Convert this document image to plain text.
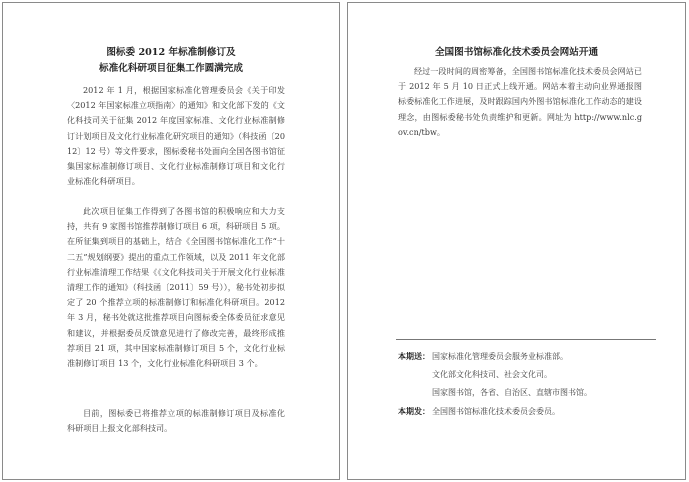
图标委 2012 年标准制修订及

标准化科研项目征集工作圆满完成

2012 年 1 月，根据国家标准化管理委员会《关于印发〈2012 年国家标准立项指南〉的通知》和文化部下发的《文化科技司关于征集 2012 年度国家标准、文化行业标准制修订计划项目及文化行业标准化研究项目的通知》（科技函〔2012〕12 号）等文件要求，图标委秘书处面向全国各图书馆征集国家标准制修订项目、文化行业标准制修订项目和文化行业标准化科研项目。

此次项目征集工作得到了各图书馆的积极响应和大力支持，共有 9 家图书馆推荐制修订项目 6 项，科研项目 5 项。在所征集到项目的基础上，结合《全国图书馆标准化工作“十二五”规划纲要》提出的重点工作领域，以及 2011 年文化部行业标准清理工作结果《《文化科技司关于开展文化行业标准清理工作的通知》（科技函〔2011〕59 号）），秘书处初步拟定了 20 个推荐立项的标准制修订和标准化科研项目。2012 年 3 月，秘书处就这批推荐项目向图标委全体委员征求意见和建议，并根据委员反馈意见进行了修改完善，最终形成推荐项目 21 项，其中国家标准制修订项目 5 个，文化行业标准制修订项目 13 个，文化行业标准化科研项目 3 个。

目前，图标委已将推荐立项的标准制修订项目及标准化科研项目上报文化部科技司。

全国图书馆标准化技术委员会网站开通

经过一段时间的周密筹备，全国图书馆标准化技术委员会网站已于 2012 年 5 月 10 日正式上线开通。网站本着主动向业界通报图标委标准化工作进展，及时跟踪国内外图书馆标准化工作动态的建设理念，由图标委秘书处负责维护和更新。网址为 http://www.nlc.gov.cn/tbw。

本期送： 国家标准化管理委员会服务业标准部。
文化部文化科技司、社会文化司。
国家图书馆，各省、自治区、直辖市图书馆。
本期发： 全国图书馆标准化技术委员会委员。
